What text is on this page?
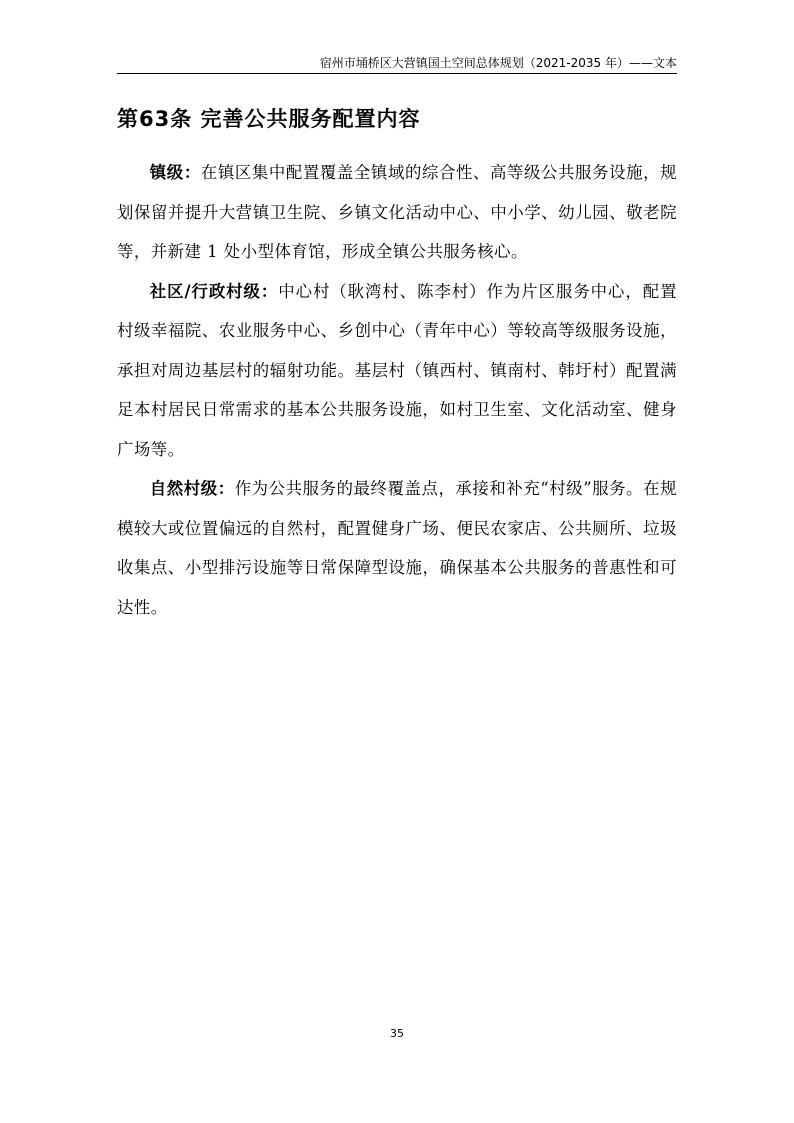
宿州市埇桥区大营镇国土空间总体规划（2021-2035 年）——文本
第63条 完善公共服务配置内容

镇级：在镇区集中配置覆盖全镇域的综合性、高等级公共服务设施，规划保留并提升大营镇卫生院、乡镇文化活动中心、中小学、幼儿园、敬老院等，并新建 1 处小型体育馆，形成全镇公共服务核心。

社区/行政村级：中心村（耿湾村、陈李村）作为片区服务中心，配置村级幸福院、农业服务中心、乡创中心（青年中心）等较高等级服务设施，承担对周边基层村的辐射功能。基层村（镇西村、镇南村、韩圩村）配置满足本村居民日常需求的基本公共服务设施，如村卫生室、文化活动室、健身广场等。

自然村级：作为公共服务的最终覆盖点，承接和补充“村级”服务。在规模较大或位置偏远的自然村，配置健身广场、便民农家店、公共厕所、垃圾收集点、小型排污设施等日常保障型设施，确保基本公共服务的普惠性和可达性。

35
